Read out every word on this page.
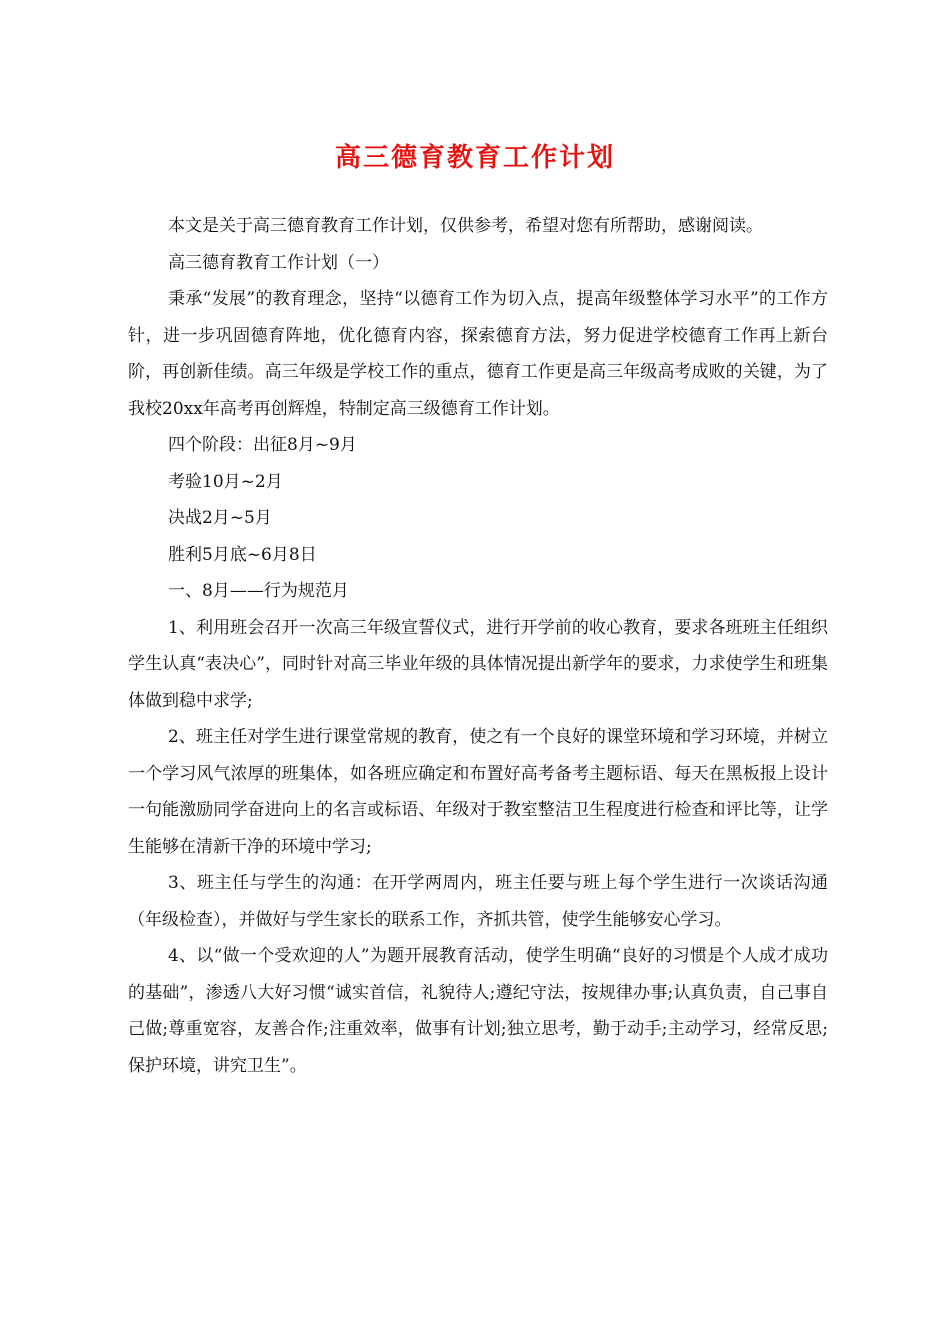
高三德育教育工作计划

本文是关于高三德育教育工作计划，仅供参考，希望对您有所帮助，感谢阅读。

高三德育教育工作计划（一）

秉承“发展”的教育理念，坚持“以德育工作为切入点，提高年级整体学习水平”的工作方针，进一步巩固德育阵地，优化德育内容，探索德育方法，努力促进学校德育工作再上新台阶，再创新佳绩。高三年级是学校工作的重点，德育工作更是高三年级高考成败的关键，为了我校20xx年高考再创辉煌，特制定高三级德育工作计划。

四个阶段：出征8月~9月

考验10月~2月

决战2月~5月

胜利5月底~6月8日

一、8月——行为规范月

1、利用班会召开一次高三年级宣誓仪式，进行开学前的收心教育，要求各班班主任组织学生认真“表决心”，同时针对高三毕业年级的具体情况提出新学年的要求，力求使学生和班集体做到稳中求学;

2、班主任对学生进行课堂常规的教育，使之有一个良好的课堂环境和学习环境，并树立一个学习风气浓厚的班集体，如各班应确定和布置好高考备考主题标语、每天在黑板报上设计一句能激励同学奋进向上的名言或标语、年级对于教室整洁卫生程度进行检查和评比等，让学生能够在清新干净的环境中学习;

3、班主任与学生的沟通：在开学两周内，班主任要与班上每个学生进行一次谈话沟通（年级检查），并做好与学生家长的联系工作，齐抓共管，使学生能够安心学习。

4、以“做一个受欢迎的人”为题开展教育活动，使学生明确“良好的习惯是个人成才成功的基础”，渗透八大好习惯“诚实首信，礼貌待人;遵纪守法，按规律办事;认真负责，自己事自己做;尊重宽容，友善合作;注重效率，做事有计划;独立思考，勤于动手;主动学习，经常反思;保护环境，讲究卫生”。
